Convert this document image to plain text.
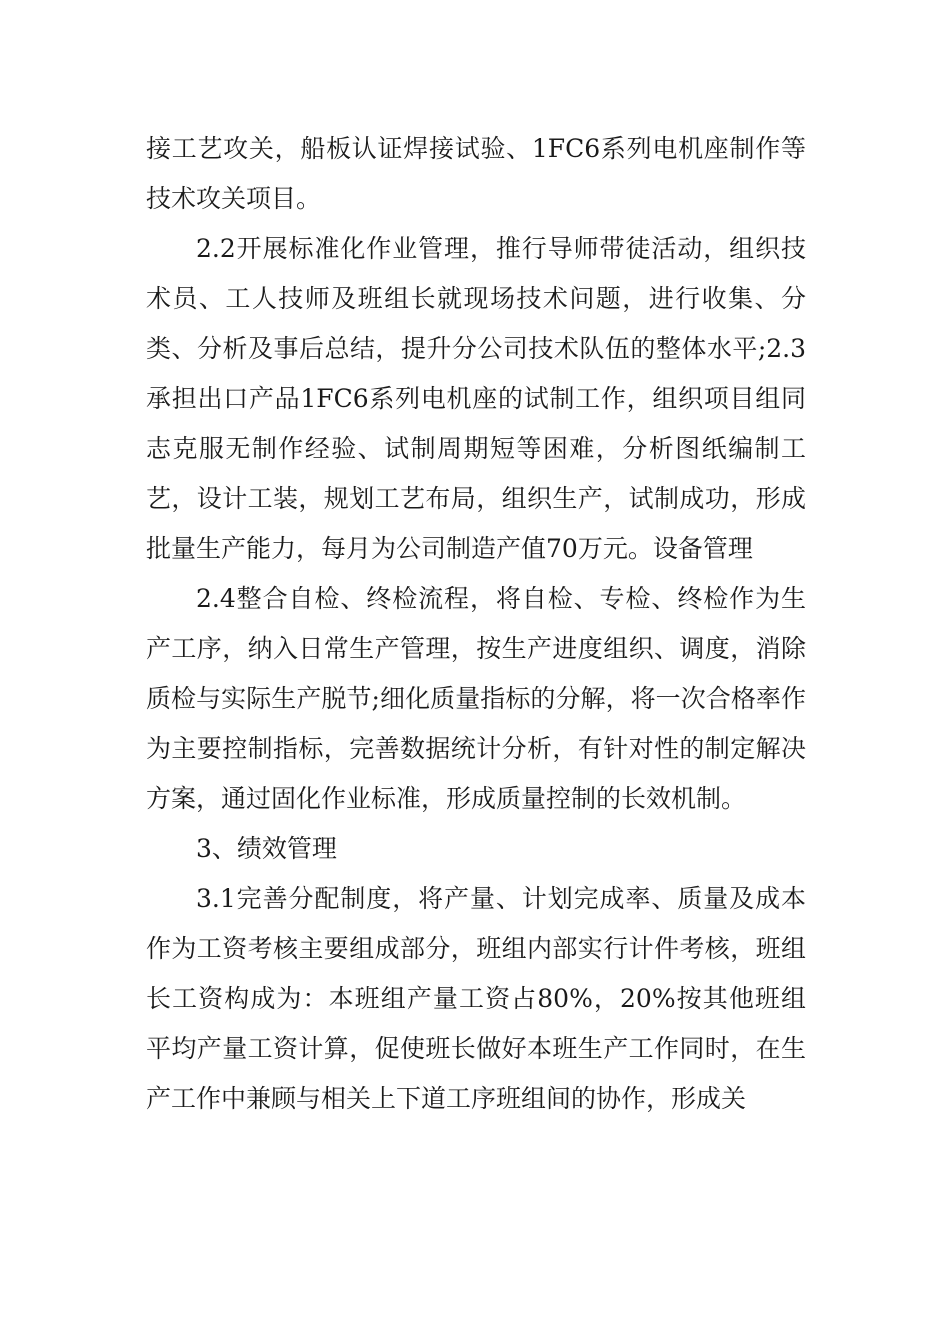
接工艺攻关，船板认证焊接试验、1FC6系列电机座制作等技术攻关项目。

2.2开展标准化作业管理，推行导师带徒活动，组织技术员、工人技师及班组长就现场技术问题，进行收集、分类、分析及事后总结，提升分公司技术队伍的整体水平;2.3承担出口产品1FC6系列电机座的试制工作，组织项目组同志克服无制作经验、试制周期短等困难，分析图纸编制工艺，设计工装，规划工艺布局，组织生产，试制成功，形成批量生产能力，每月为公司制造产值70万元。设备管理

2.4整合自检、终检流程，将自检、专检、终检作为生产工序，纳入日常生产管理，按生产进度组织、调度，消除质检与实际生产脱节;细化质量指标的分解，将一次合格率作为主要控制指标，完善数据统计分析，有针对性的制定解决方案，通过固化作业标准，形成质量控制的长效机制。

3、绩效管理

3.1完善分配制度，将产量、计划完成率、质量及成本作为工资考核主要组成部分，班组内部实行计件考核，班组长工资构成为：本班组产量工资占80%，20%按其他班组平均产量工资计算，促使班长做好本班生产工作同时，在生产工作中兼顾与相关上下道工序班组间的协作，形成关
